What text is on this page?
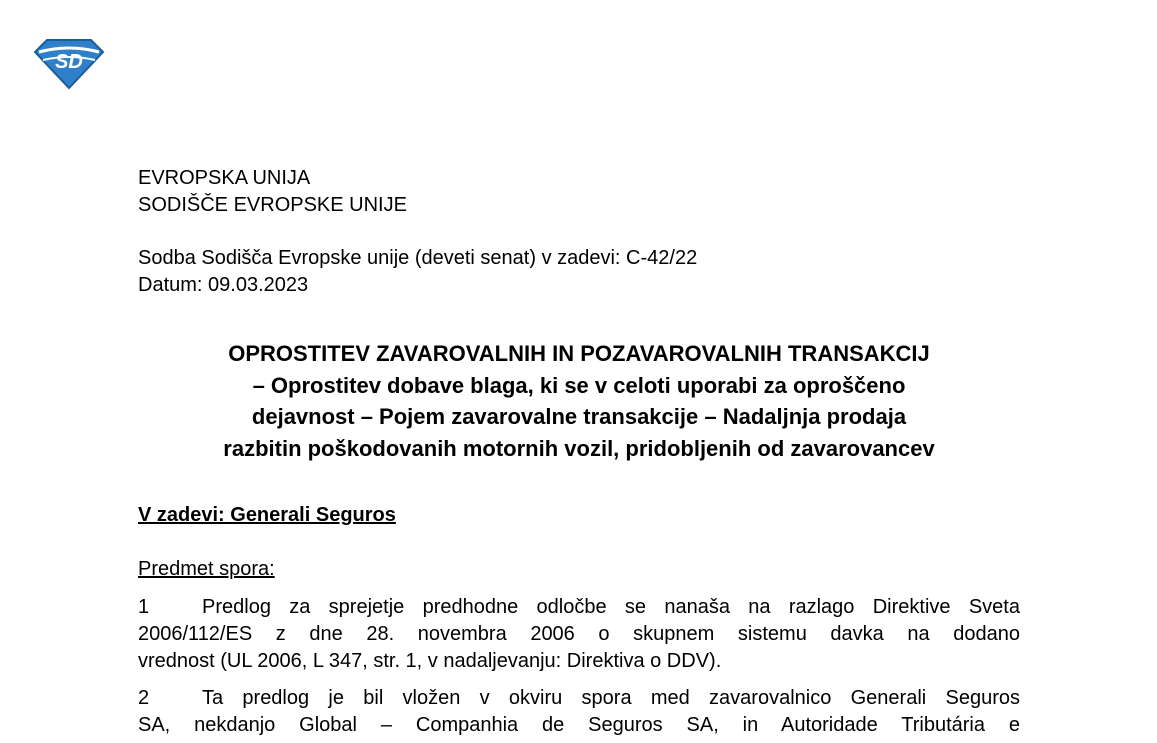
SD
EVROPSKA UNIJA
SODIŠČE EVROPSKE UNIJE
Sodba Sodišča Evropske unije (deveti senat) v zadevi: C-42/22
Datum: 09.03.2023
OPROSTITEV ZAVAROVALNIH IN POZAVAROVALNIH TRANSAKCIJ
– Oprostitev dobave blaga, ki se v celoti uporabi za oproščeno
dejavnost – Pojem zavarovalne transakcije – Nadaljnja prodaja
razbitin poškodovanih motornih vozil, pridobljenih od zavarovancev
V zadevi: Generali Seguros
Predmet spora:
1	Predlog za sprejetje predhodne odločbe se nanaša na razlago Direktive Sveta
2006/112/ES z dne 28. novembra 2006 o skupnem sistemu davka na dodano
vrednost (UL 2006, L 347, str. 1, v nadaljevanju: Direktiva o DDV).
2	Ta predlog je bil vložen v okviru spora med zavarovalnico Generali Seguros
SA, nekdanjo Global – Companhia de Seguros SA, in Autoridade Tributária e
